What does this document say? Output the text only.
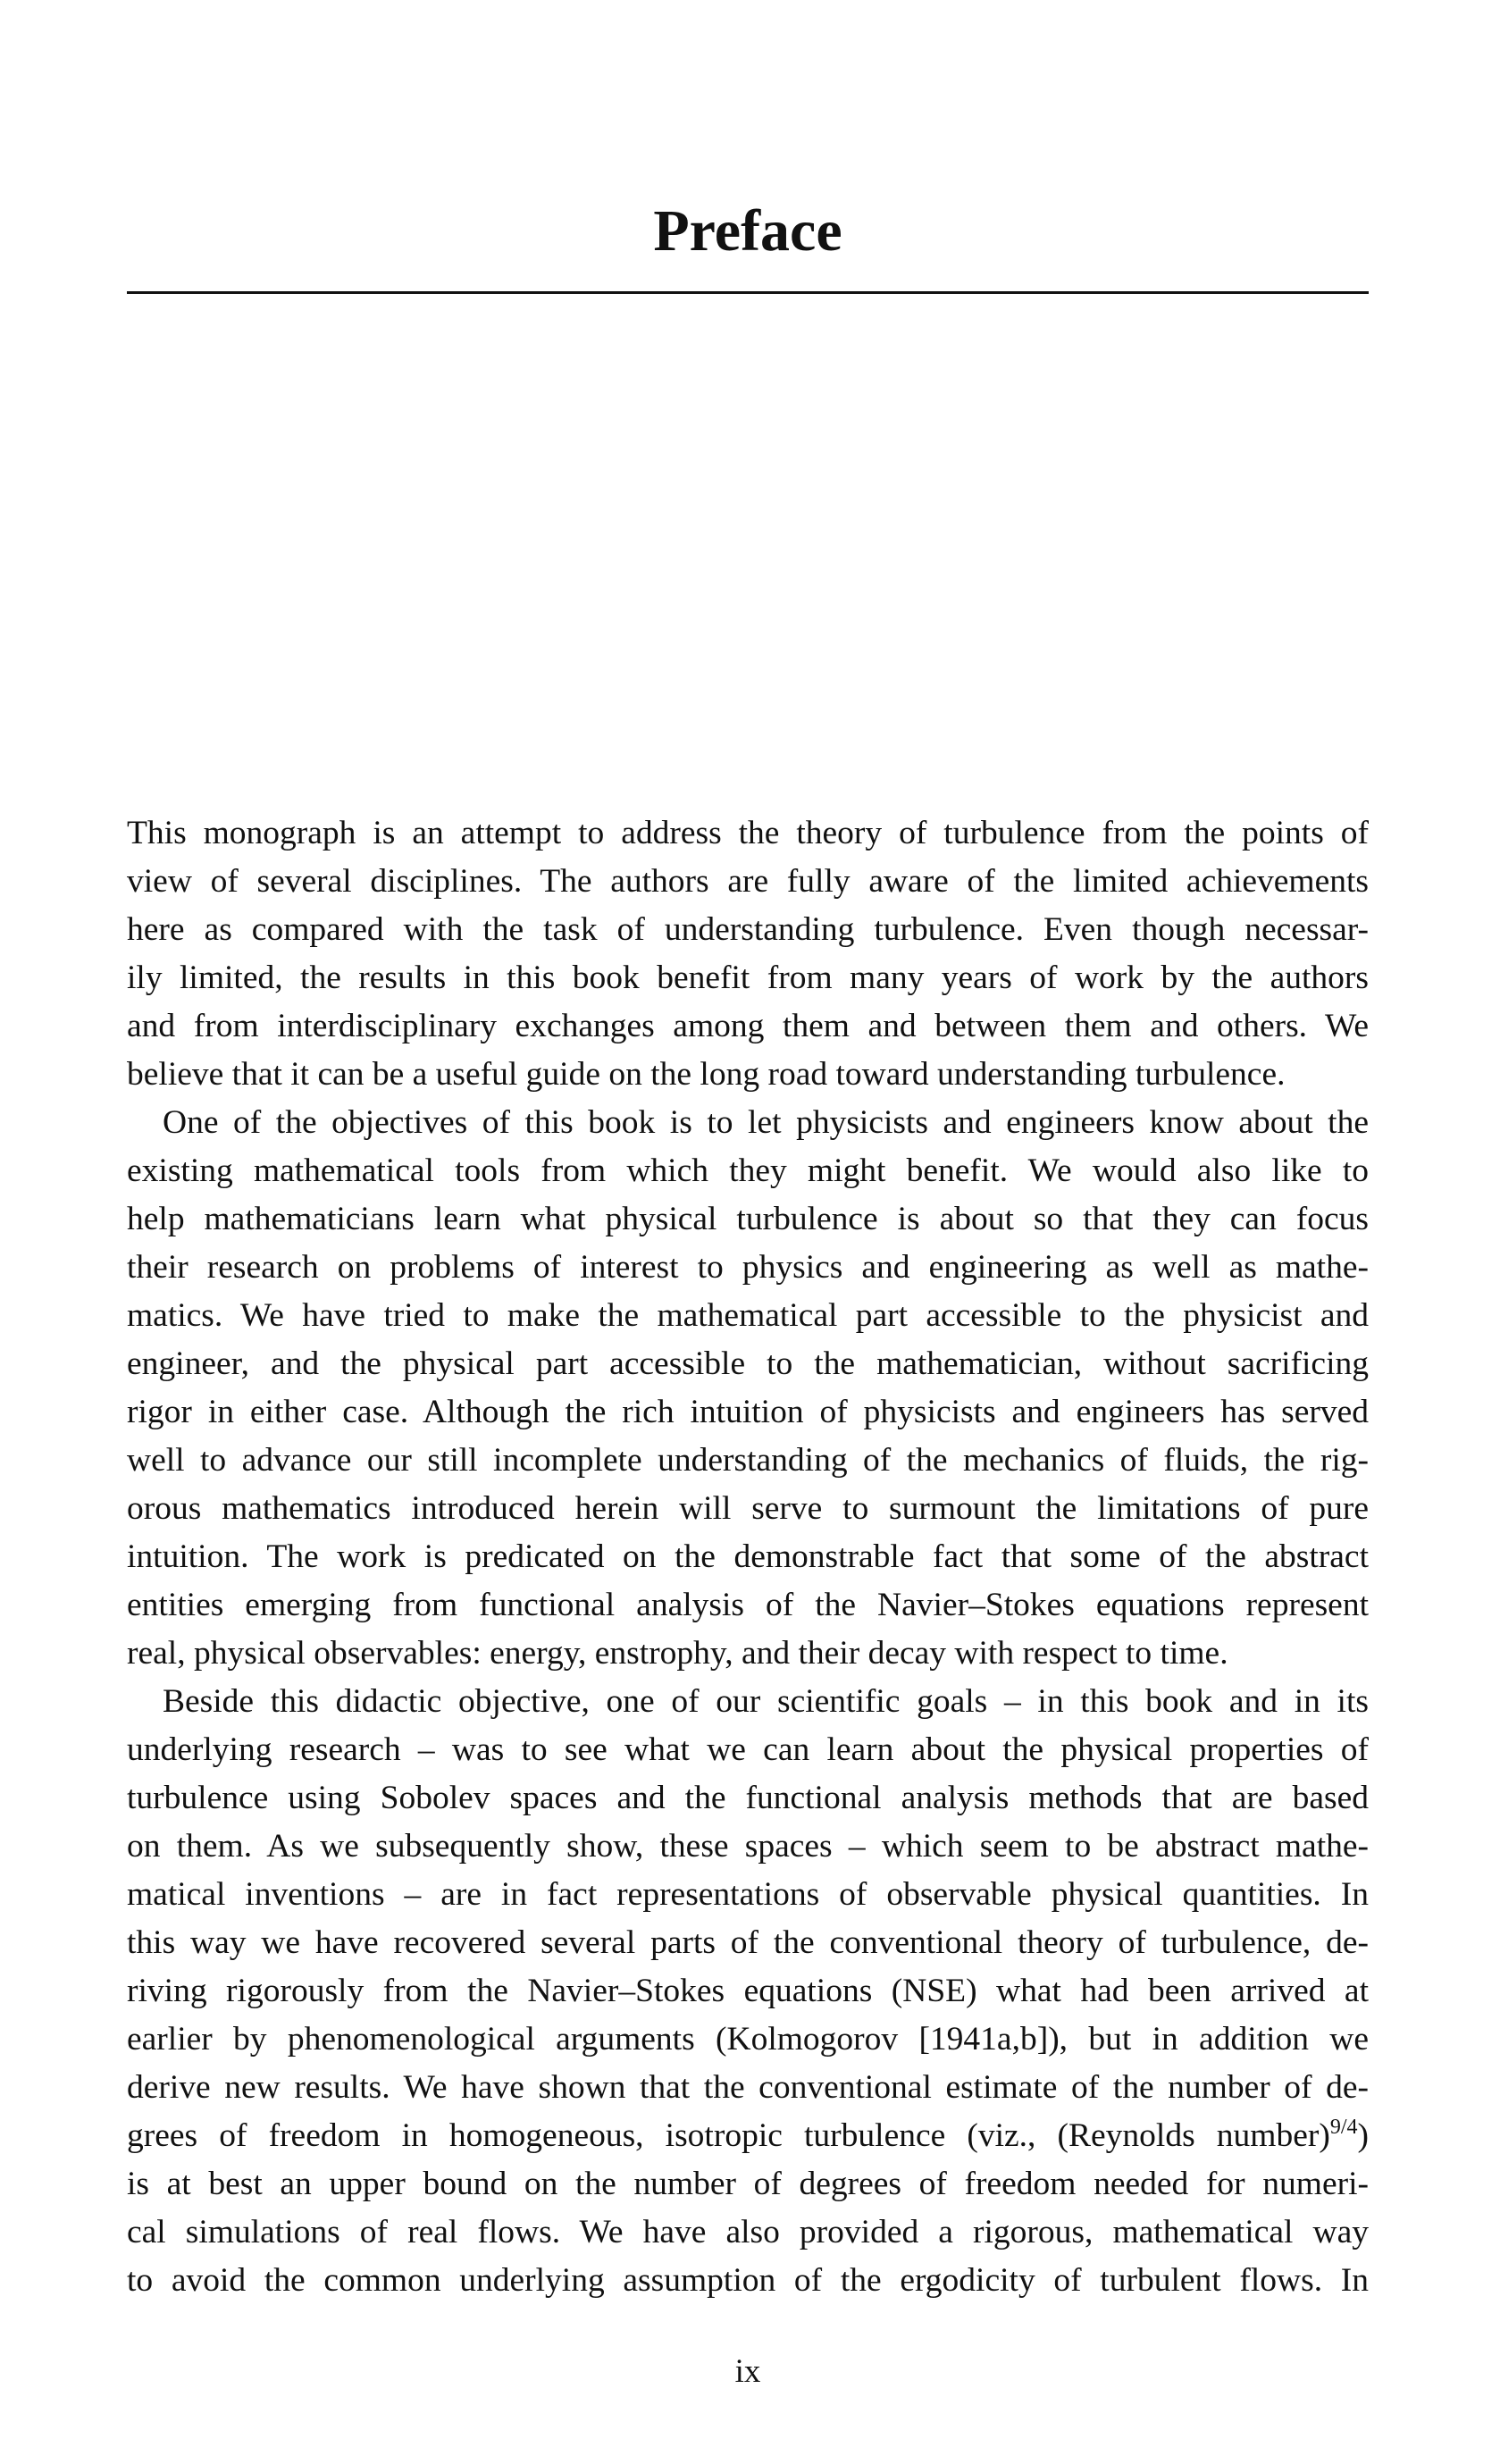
Preface
This monograph is an attempt to address the theory of turbulence from the points of
view of several disciplines. The authors are fully aware of the limited achievements
here as compared with the task of understanding turbulence. Even though necessar-
ily limited, the results in this book benefit from many years of work by the authors
and from interdisciplinary exchanges among them and between them and others. We
believe that it can be a useful guide on the long road toward understanding turbulence.
One of the objectives of this book is to let physicists and engineers know about the
existing mathematical tools from which they might benefit. We would also like to
help mathematicians learn what physical turbulence is about so that they can focus
their research on problems of interest to physics and engineering as well as mathe-
matics. We have tried to make the mathematical part accessible to the physicist and
engineer, and the physical part accessible to the mathematician, without sacrificing
rigor in either case. Although the rich intuition of physicists and engineers has served
well to advance our still incomplete understanding of the mechanics of fluids, the rig-
orous mathematics introduced herein will serve to surmount the limitations of pure
intuition. The work is predicated on the demonstrable fact that some of the abstract
entities emerging from functional analysis of the Navier–Stokes equations represent
real, physical observables: energy, enstrophy, and their decay with respect to time.
Beside this didactic objective, one of our scientific goals – in this book and in its
underlying research – was to see what we can learn about the physical properties of
turbulence using Sobolev spaces and the functional analysis methods that are based
on them. As we subsequently show, these spaces – which seem to be abstract mathe-
matical inventions – are in fact representations of observable physical quantities. In
this way we have recovered several parts of the conventional theory of turbulence, de-
riving rigorously from the Navier–Stokes equations (NSE) what had been arrived at
earlier by phenomenological arguments (Kolmogorov [1941a,b]), but in addition we
derive new results. We have shown that the conventional estimate of the number of de-
grees of freedom in homogeneous, isotropic turbulence (viz., (Reynolds number)$^{9/4}$)
is at best an upper bound on the number of degrees of freedom needed for numeri-
cal simulations of real flows. We have also provided a rigorous, mathematical way
to avoid the common underlying assumption of the ergodicity of turbulent flows. In
ix
